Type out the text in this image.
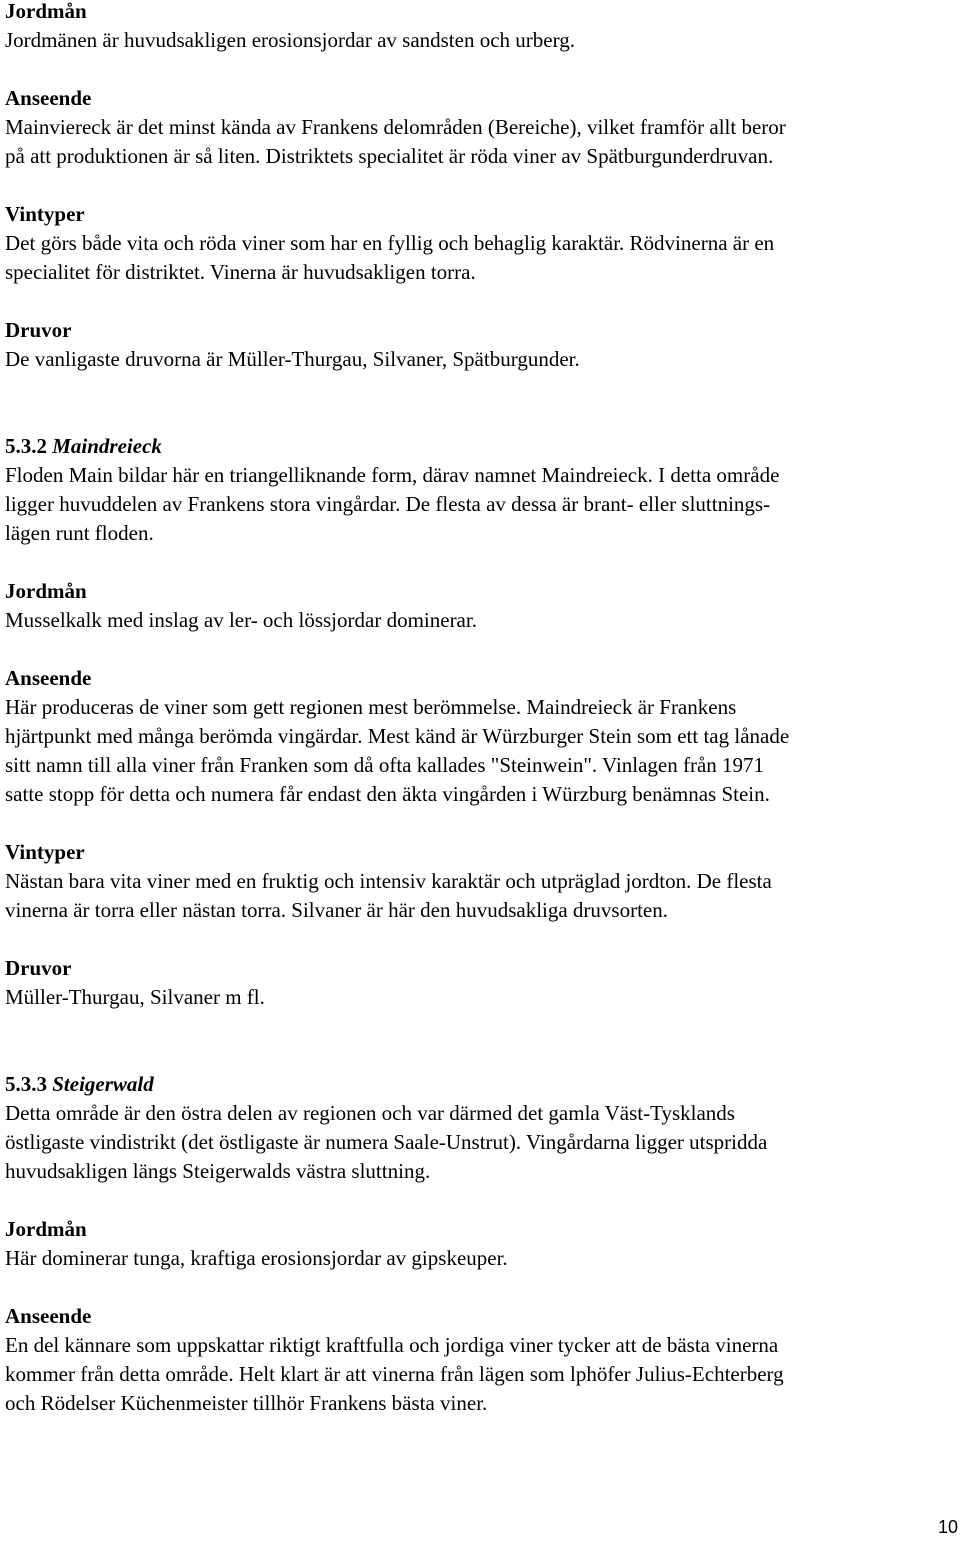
Jordmån
Jordmänen är huvudsakligen erosionsjordar av sandsten och urberg.
Anseende
Mainviereck är det minst kända av Frankens delområden (Bereiche), vilket framför allt beror
på att produktionen är så liten. Distriktets specialitet är röda viner av Spätburgunderdruvan.
Vintyper
Det görs både vita och röda viner som har en fyllig och behaglig karaktär. Rödvinerna är en
specialitet för distriktet. Vinerna är huvudsakligen torra.
Druvor
De vanligaste druvorna är Müller-Thurgau, Silvaner, Spätburgunder.
5.3.2 Maindreieck
Floden Main bildar här en triangelliknande form, därav namnet Maindreieck. I detta område
ligger huvuddelen av Frankens stora vingårdar. De flesta av dessa är brant- eller sluttnings-
lägen runt floden.
Jordmån
Musselkalk med inslag av ler- och lössjordar dominerar.
Anseende
Här produceras de viner som gett regionen mest berömmelse. Maindreieck är Frankens
hjärtpunkt med många berömda vingärdar. Mest känd är Würzburger Stein som ett tag lånade
sitt namn till alla viner från Franken som då ofta kallades "Steinwein". Vinlagen från 1971
satte stopp för detta och numera får endast den äkta vingården i Würzburg benämnas Stein.
Vintyper
Nästan bara vita viner med en fruktig och intensiv karaktär och utpräglad jordton. De flesta
vinerna är torra eller nästan torra. Silvaner är här den huvudsakliga druvsorten.
Druvor
Müller-Thurgau, Silvaner m fl.
5.3.3 Steigerwald
Detta område är den östra delen av regionen och var därmed det gamla Väst-Tysklands
östligaste vindistrikt (det östligaste är numera Saale-Unstrut). Vingårdarna ligger utspridda
huvudsakligen längs Steigerwalds västra sluttning.
Jordmån
Här dominerar tunga, kraftiga erosionsjordar av gipskeuper.
Anseende
En del kännare som uppskattar riktigt kraftfulla och jordiga viner tycker att de bästa vinerna
kommer från detta område. Helt klart är att vinerna från lägen som lphöfer Julius-Echterberg
och Rödelser Küchenmeister tillhör Frankens bästa viner.
10
